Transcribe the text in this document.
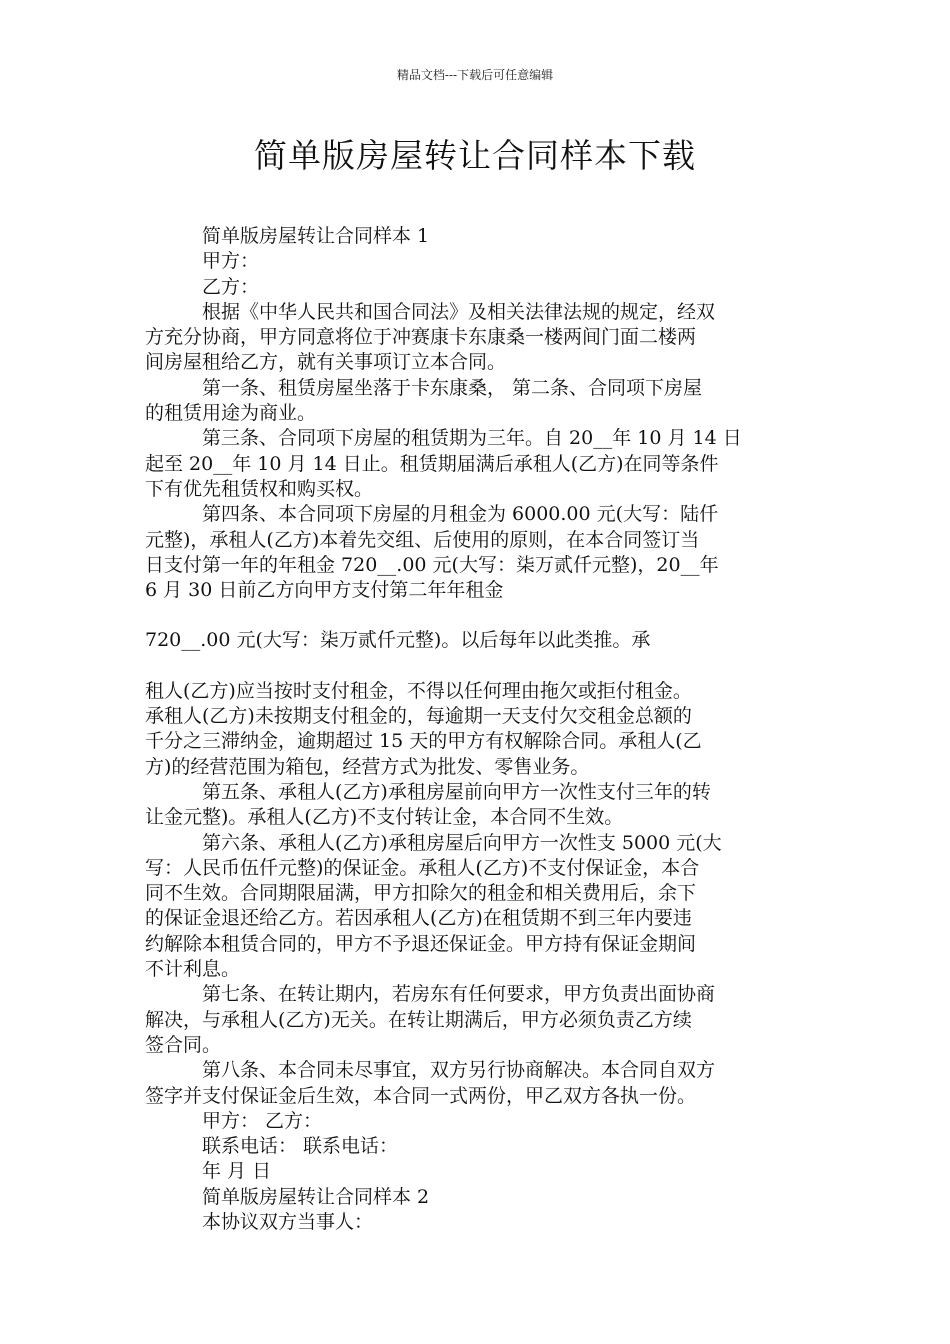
精品文档---下载后可任意编辑
简单版房屋转让合同样本下载
简单版房屋转让合同样本 1
甲方：
乙方：
根据《中华人民共和国合同法》及相关法律法规的规定，经双
方充分协商，甲方同意将位于冲赛康卡东康桑一楼两间门面二楼两
间房屋租给乙方，就有关事项订立本合同。
第一条、租赁房屋坐落于卡东康桑， 第二条、合同项下房屋
的租赁用途为商业。
第三条、合同项下房屋的租赁期为三年。自 20__年 10 月 14 日
起至 20__年 10 月 14 日止。租赁期届满后承租人(乙方)在同等条件
下有优先租赁权和购买权。
第四条、本合同项下房屋的月租金为 6000.00 元(大写：陆仟
元整)，承租人(乙方)本着先交组、后使用的原则，在本合同签订当
日支付第一年的年租金 720__.00 元(大写：柒万贰仟元整)，20__年
6 月 30 日前乙方向甲方支付第二年年租金
720__.00 元(大写：柒万贰仟元整)。以后每年以此类推。承
租人(乙方)应当按时支付租金，不得以任何理由拖欠或拒付租金。
承租人(乙方)未按期支付租金的，每逾期一天支付欠交租金总额的
千分之三滞纳金，逾期超过 15 天的甲方有权解除合同。承租人(乙
方)的经营范围为箱包，经营方式为批发、零售业务。
第五条、承租人(乙方)承租房屋前向甲方一次性支付三年的转
让金元整)。承租人(乙方)不支付转让金，本合同不生效。
第六条、承租人(乙方)承租房屋后向甲方一次性支 5000 元(大
写：人民币伍仟元整)的保证金。承租人(乙方)不支付保证金，本合
同不生效。合同期限届满，甲方扣除欠的租金和相关费用后，余下
的保证金退还给乙方。若因承租人(乙方)在租赁期不到三年内要违
约解除本租赁合同的，甲方不予退还保证金。甲方持有保证金期间
不计利息。
第七条、在转让期内，若房东有任何要求，甲方负责出面协商
解决，与承租人(乙方)无关。在转让期满后，甲方必须负责乙方续
签合同。
第八条、本合同未尽事宜，双方另行协商解决。本合同自双方
签字并支付保证金后生效，本合同一式两份，甲乙双方各执一份。
甲方： 乙方：
联系电话： 联系电话：
年 月 日
简单版房屋转让合同样本 2
本协议双方当事人：
